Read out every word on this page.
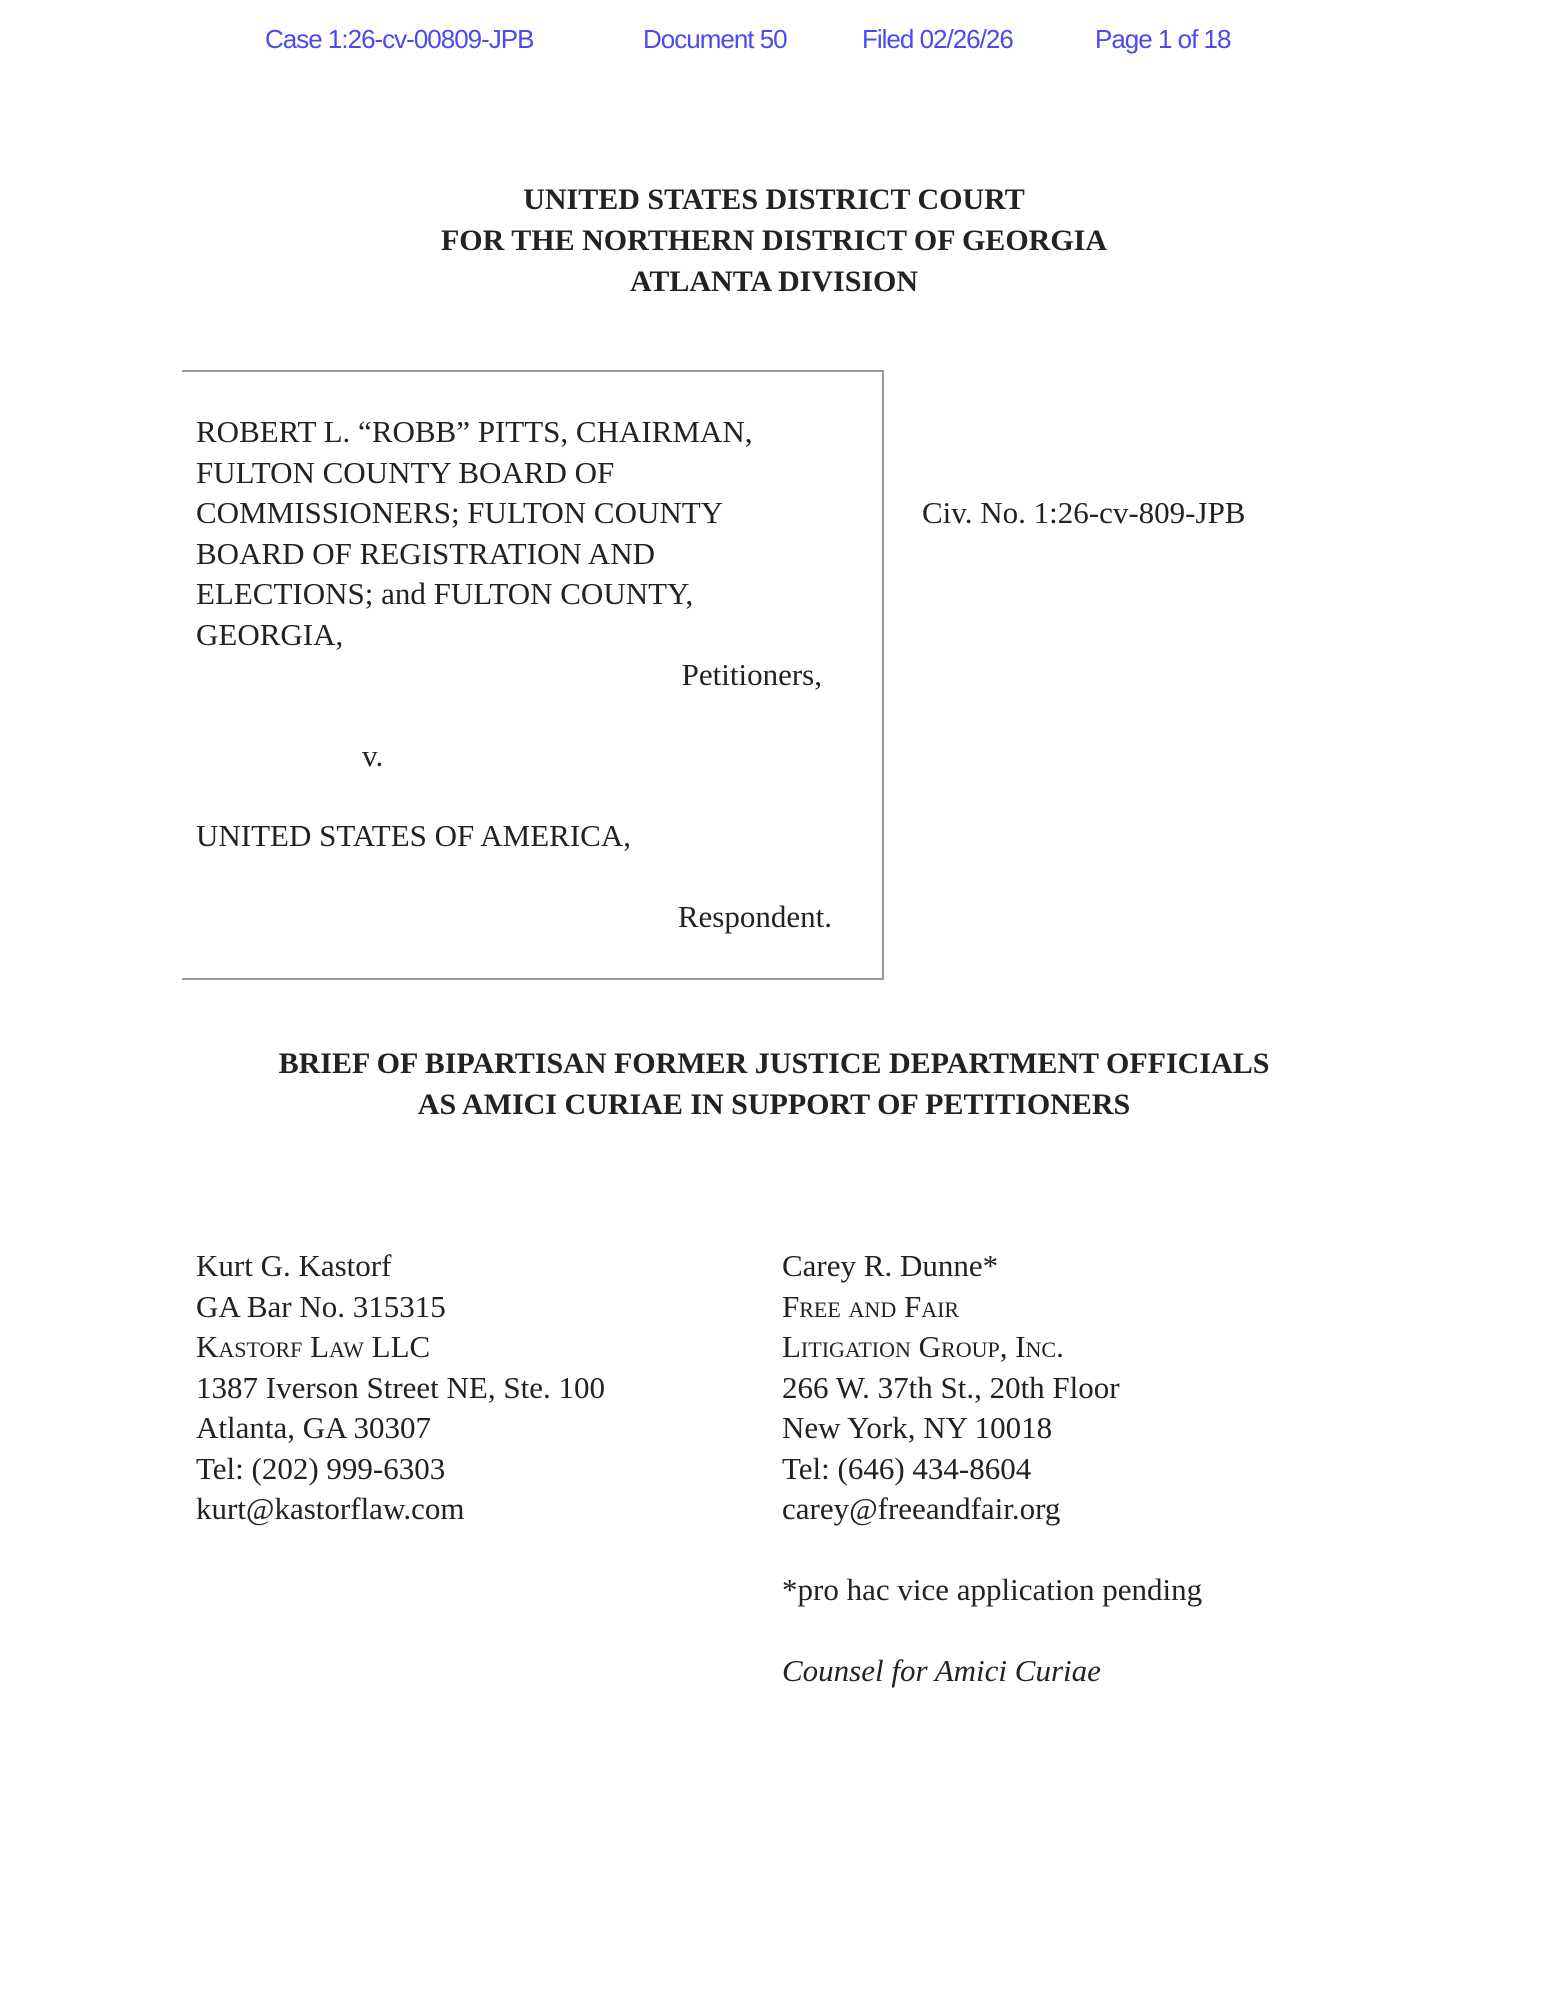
Case 1:26-cv-00809-JPB	Document 50	Filed 02/26/26	Page 1 of 18
UNITED STATES DISTRICT COURT
FOR THE NORTHERN DISTRICT OF GEORGIA
ATLANTA DIVISION
ROBERT L. “ROBB” PITTS, CHAIRMAN,
FULTON COUNTY BOARD OF
COMMISSIONERS; FULTON COUNTY
BOARD OF REGISTRATION AND
ELECTIONS; and FULTON COUNTY,
GEORGIA,
Petitioners,
v.
UNITED STATES OF AMERICA,
Respondent.
Civ. No. 1:26-cv-809-JPB
BRIEF OF BIPARTISAN FORMER JUSTICE DEPARTMENT OFFICIALS
AS AMICI CURIAE IN SUPPORT OF PETITIONERS
Kurt G. Kastorf
GA Bar No. 315315
Kastorf Law LLC
1387 Iverson Street NE, Ste. 100
Atlanta, GA 30307
Tel: (202) 999-6303
kurt@kastorflaw.com
Carey R. Dunne*
Free and Fair
Litigation Group, Inc.
266 W. 37th St., 20th Floor
New York, NY 10018
Tel: (646) 434-8604
carey@freeandfair.org
*pro hac vice application pending
Counsel for Amici Curiae
